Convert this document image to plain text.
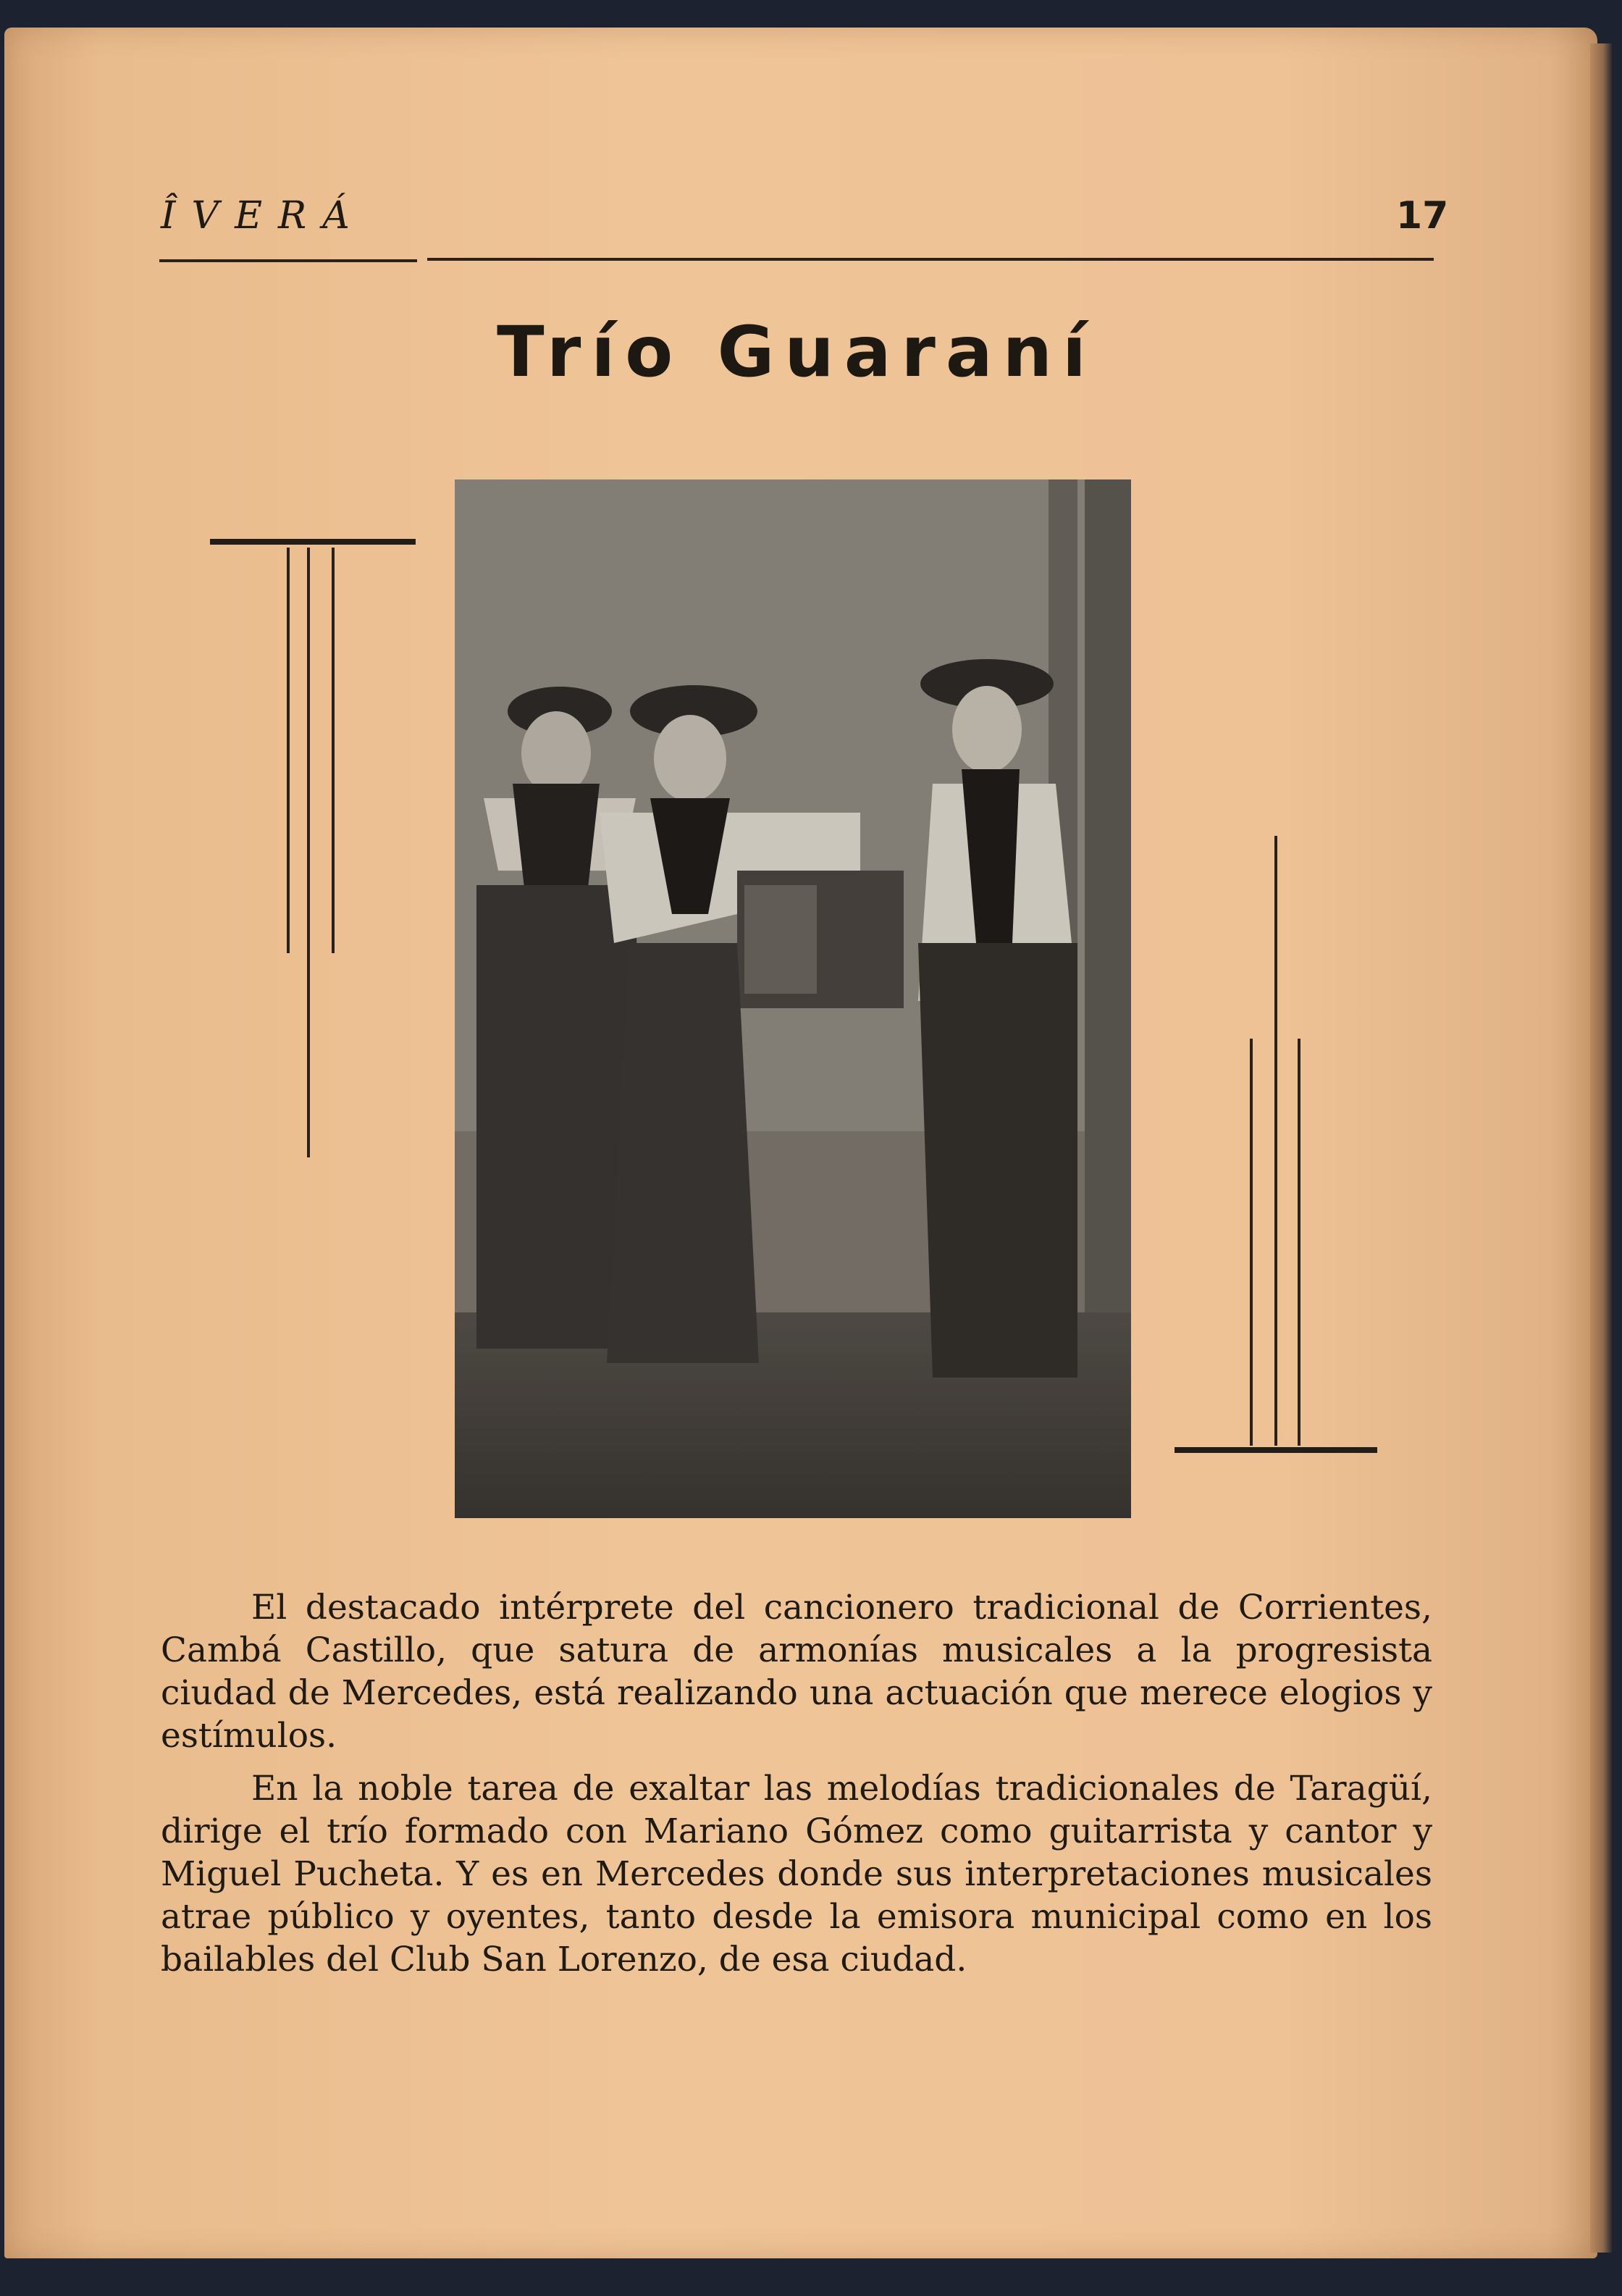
ÎVERÁ	17
Trío Guaraní

El destacado intérprete del cancionero tradicional de Corrientes, Cambá Castillo, que satura de armonías musicales a la progresista ciudad de Mercedes, está realizando una actuación que merece elogios y estímulos.

En la noble tarea de exaltar las melodías tradicionales de Taragüí, dirige el trío formado con Mariano Gómez como guitarrista y cantor y Miguel Pucheta. Y es en Mercedes donde sus interpretaciones musicales atrae público y oyentes, tanto desde la emisora municipal como en los bailables del Club San Lorenzo, de esa ciudad.
